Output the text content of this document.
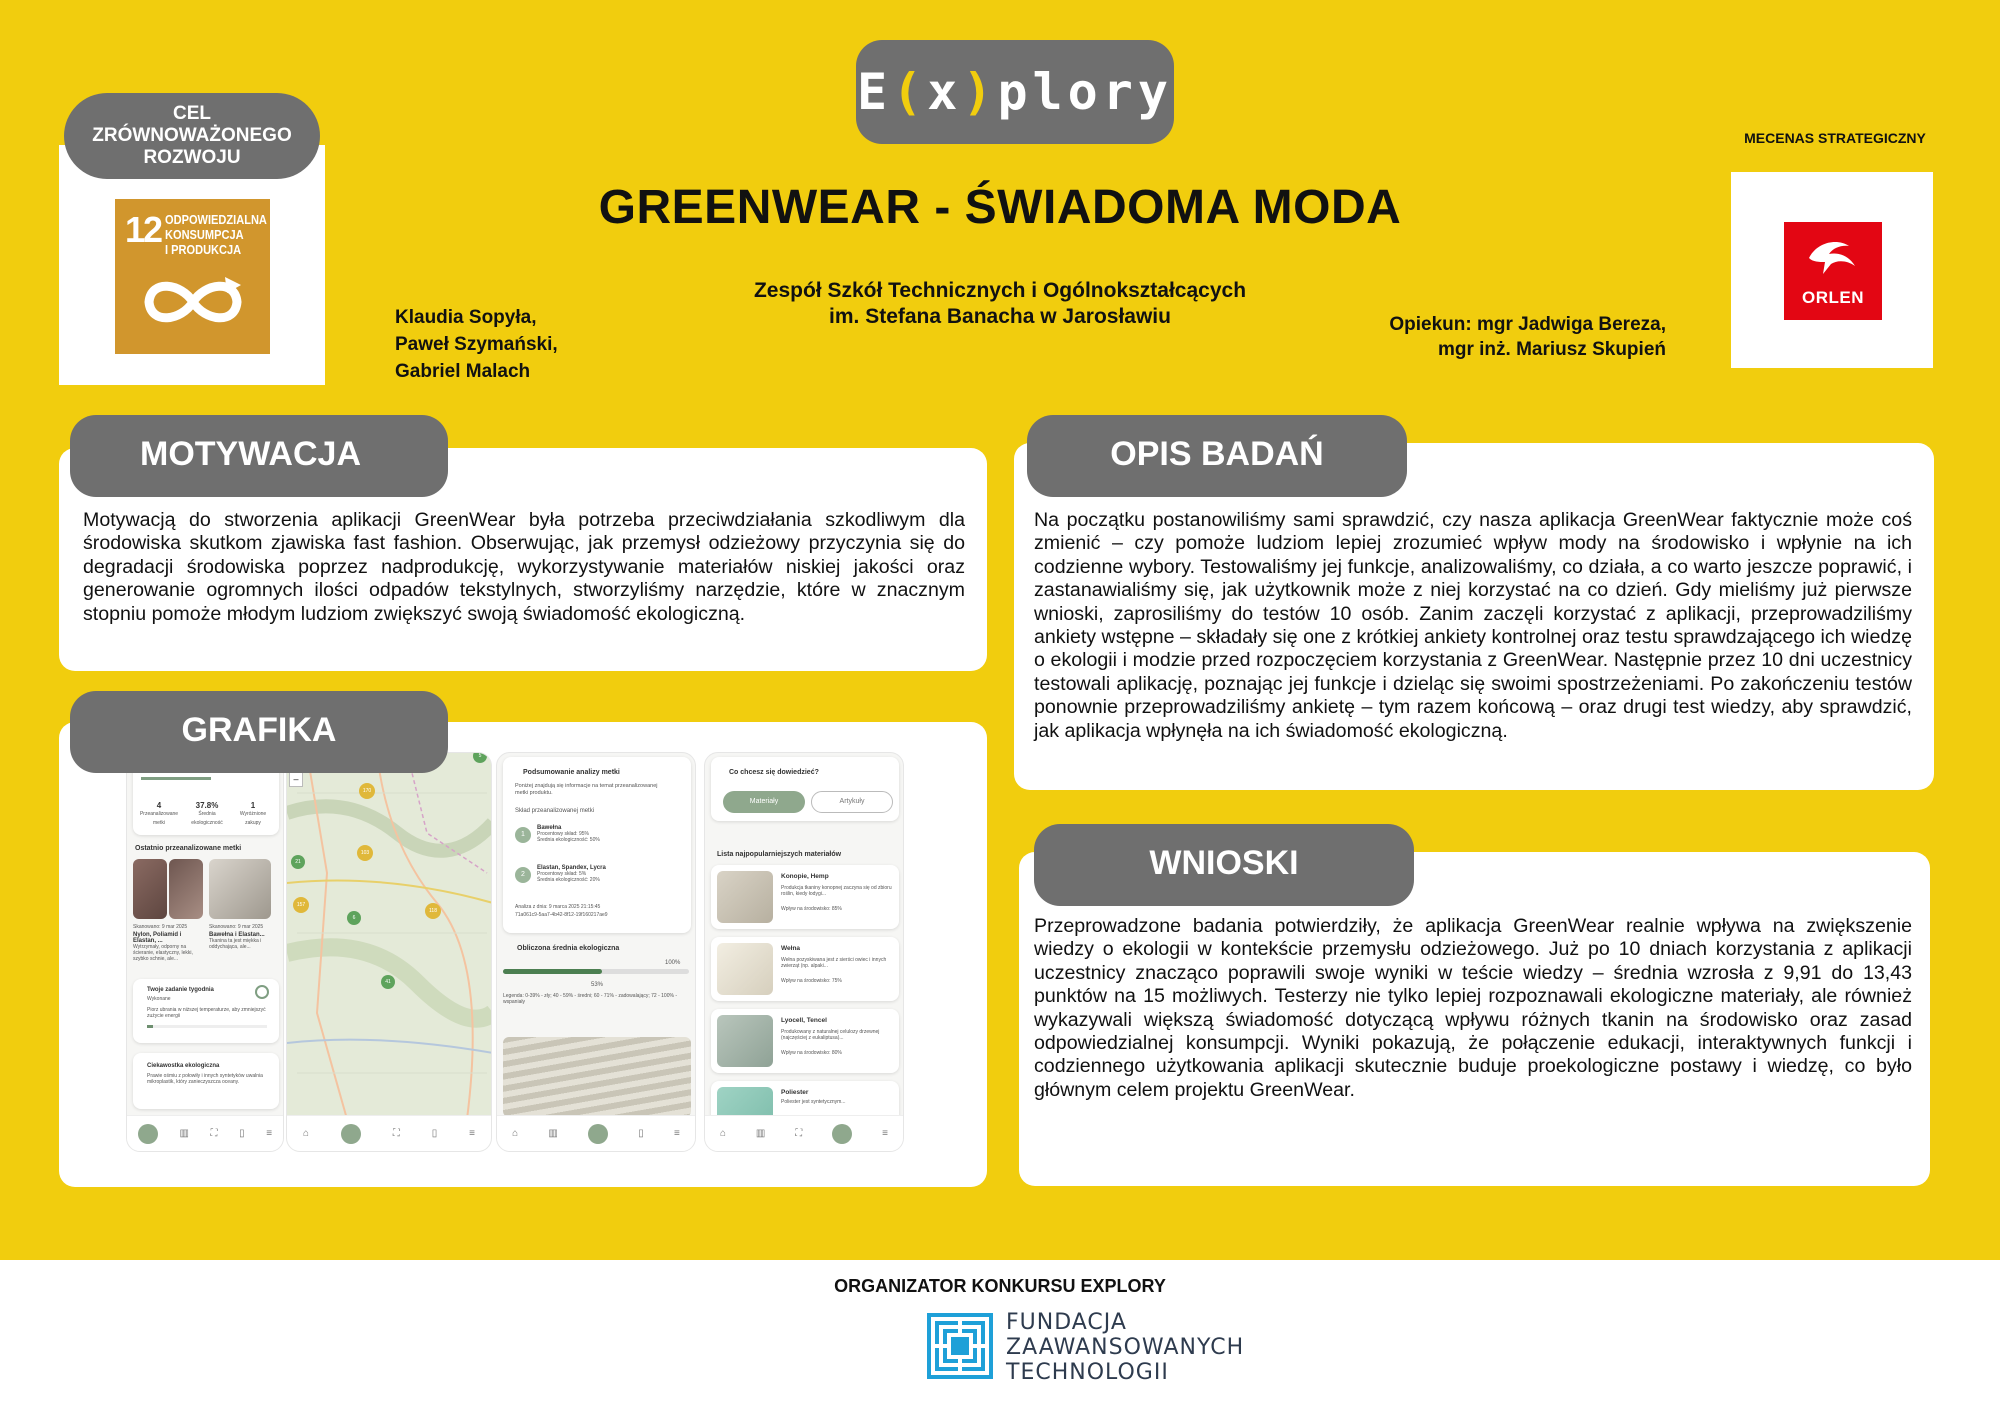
E ( x ) plory
CEL
ZRÓWNOWAŻONEGO
ROZWOJU
12 ODPOWIEDZIALNA
KONSUMPCJA
I PRODUKCJA
GREENWEAR - ŚWIADOMA MODA
Zespół Szkół Technicznych i Ogólnokształcących
im. Stefana Banacha w Jarosławiu
Klaudia Sopyła,
Paweł Szymański,
Gabriel Malach
Opiekun: mgr Jadwiga Bereza,
mgr inż. Mariusz Skupień
MECENAS STRATEGICZNY
ORLEN
MOTYWACJA
Motywacją do stworzenia aplikacji GreenWear była potrzeba przeciwdziałania szkodliwym dla środowiska skutkom zjawiska fast fashion. Obserwując, jak przemysł odzieżowy przyczynia się do degradacji środowiska poprzez nadprodukcję, wykorzystywanie materiałów niskiej jakości oraz generowanie ogromnych ilości odpadów tekstylnych, stworzyliśmy narzędzie, które w znacznym stopniu pomoże młodym ludziom zwiększyć swoją świadomość ekologiczną.
OPIS BADAŃ
Na początku postanowiliśmy sami sprawdzić, czy nasza aplikacja GreenWear faktycznie może coś zmienić – czy pomoże ludziom lepiej zrozumieć wpływ mody na środowisko i wpłynie na ich codzienne wybory. Testowaliśmy jej funkcje, analizowaliśmy, co działa, a co warto jeszcze poprawić, i zastanawialiśmy się, jak użytkownik może z niej korzystać na co dzień. Gdy mieliśmy już pierwsze wnioski, zaprosiliśmy do testów 10 osób. Zanim zaczęli korzystać z aplikacji, przeprowadziliśmy ankiety wstępne – składały się one z krótkiej ankiety kontrolnej oraz testu sprawdzającego ich wiedzę o ekologii i modzie przed rozpoczęciem korzystania z GreenWear. Następnie przez 10 dni uczestnicy testowali aplikację, poznając jej funkcje i dzieląc się swoimi spostrzeżeniami. Po zakończeniu testów ponownie przeprowadziliśmy ankietę – tym razem końcową – oraz drugi test wiedzy, aby sprawdzić, jak aplikacja wpłynęła na ich świadomość ekologiczną.
WNIOSKI
Przeprowadzone badania potwierdziły, że aplikacja GreenWear realnie wpływa na zwiększenie wiedzy o ekologii w kontekście przemysłu odzieżowego. Już po 10 dniach korzystania z aplikacji uczestnicy znacząco poprawili swoje wyniki w teście wiedzy – średnia wzrosła z 9,91 do 13,43 punktów na 15 możliwych. Testerzy nie tylko lepiej rozpoznawali ekologiczne materiały, ale również wykazywali większą świadomość dotyczącą wpływu różnych tkanin na środowisko oraz zasad odpowiedzialnej konsumpcji. Wyniki pokazują, że połączenie edukacji, interaktywnych funkcji i codziennego użytkowania aplikacji skutecznie buduje proekologiczne postawy i wiedzę, co było głównym celem projektu GreenWear.
4
Przeanalizowane metki
37.8%
Średnia ekologiczność
1
Wyróżnione zakupy
Ostatnio przeanalizowane metki
Skanowano: 9 mar 2025
Nylon, Poliamid i Elastan, ...
Wytrzymały, odporny na ścieranie, elastyczny, lekki, szybko schnie, ale...
Skanowano: 9 mar 2025
Bawełna i Elastan...
Tkanina ta jest miękka i oddychająca, ale...
Twoje zadanie tygodnia
Wykonane
Piorz ubrania w niższej temperaturze, aby zmniejszyć zużycie energii
Ciekawostka ekologiczna
Prawie ośmiu z połowiły i innych syntetyków uwalnia mikroplastik, który zanieczyszcza oceany.
▥ ⛶ ▯ ≡
–
170
103
21
157
6
118
41
5
⌂	⛶	▯	≡
Podsumowanie analizy metki
Poniżej znajdują się informacje na temat przeanalizowanej metki produktu.
Skład przeanalizowanej metki
1
Bawełna
Procentowy skład: 95%
Średnia ekologiczność: 50%
2
Elastan, Spandex, Lycra
Procentowy skład: 5%
Średnia ekologiczność: 20%
Analiza z dnia: 9 marca 2025 21:15:45
71a061c9-5aa7-4b42-8f12-19f160217ae9
Obliczona średnia ekologiczna
100%
53%
Legenda: 0-39% - zły; 40 - 59% - średni; 60 - 71% - zadowalający; 72 - 100% - wspaniały
⌂	▥	▯	≡
Co chcesz się dowiedzieć?
Materiały	Artykuły
Lista najpopularniejszych materiałów
Konopie, Hemp
Produkcja tkaniny konopnej zaczyna się od zbioru roślin, kiedy łodygi...
Wpływ na środowisko: 85%
Wełna
Wełna pozyskiwana jest z sierści owiec i innych zwierząt (np. alpaki...
Wpływ na środowisko: 75%
Lyocell, Tencel
Produkowany z naturalnej celulozy drzewnej (najczęściej z eukaliptusa)...
Wpływ na środowisko: 80%
Poliester
Poliester jest syntetycznym...
⌂	▥	⛶	≡
GRAFIKA
ORGANIZATOR KONKURSU EXPLORY
FUNDACJA
ZAAWANSOWANYCH
TECHNOLOGII
